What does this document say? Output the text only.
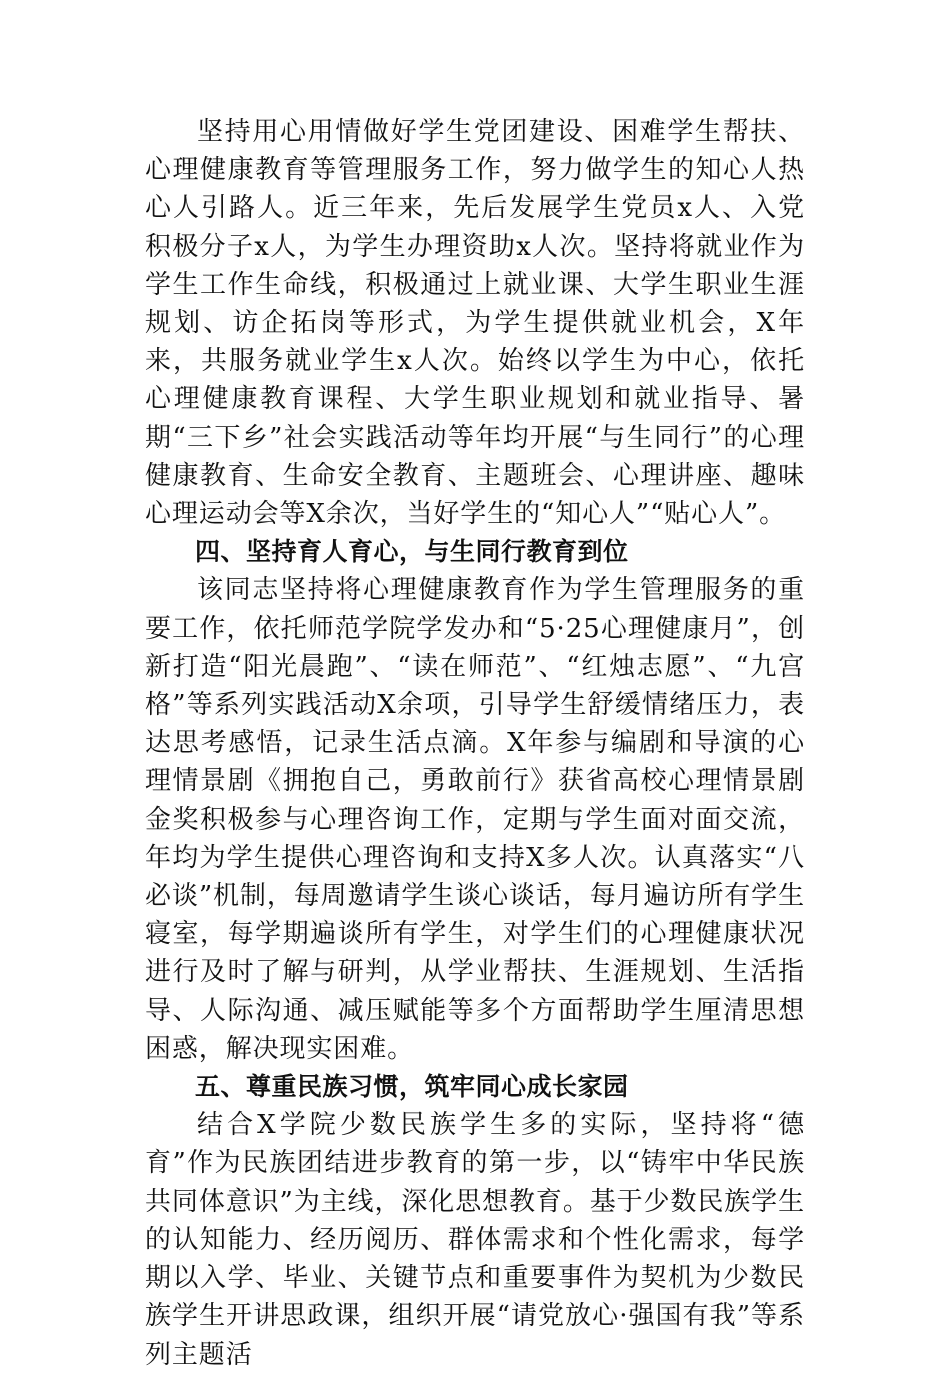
坚持用心用情做好学生党团建设、困难学生帮扶、心理健康教育等管理服务工作，努力做学生的知心人热心人引路人。近三年来，先后发展学生党员x人、入党积极分子x人，为学生办理资助x人次。坚持将就业作为学生工作生命线，积极通过上就业课、大学生职业生涯规划、访企拓岗等形式，为学生提供就业机会，X年来，共服务就业学生x人次。始终以学生为中心，依托心理健康教育课程、大学生职业规划和就业指导、暑期“三下乡”社会实践活动等年均开展“与生同行”的心理健康教育、生命安全教育、主题班会、心理讲座、趣味心理运动会等X余次，当好学生的“知心人”“贴心人”。

四、坚持育人育心，与生同行教育到位

该同志坚持将心理健康教育作为学生管理服务的重要工作，依托师范学院学发办和“5·25心理健康月”，创新打造“阳光晨跑”、“读在师范”、“红烛志愿”、“九宫格”等系列实践活动X余项，引导学生舒缓情绪压力，表达思考感悟，记录生活点滴。X年参与编剧和导演的心理情景剧《拥抱自己，勇敢前行》获省高校心理情景剧金奖积极参与心理咨询工作，定期与学生面对面交流，年均为学生提供心理咨询和支持X多人次。认真落实“八必谈”机制，每周邀请学生谈心谈话，每月遍访所有学生寝室，每学期遍谈所有学生，对学生们的心理健康状况进行及时了解与研判，从学业帮扶、生涯规划、生活指导、人际沟通、减压赋能等多个方面帮助学生厘清思想困惑，解决现实困难。

五、尊重民族习惯，筑牢同心成长家园

结合X学院少数民族学生多的实际，坚持将“德育”作为民族团结进步教育的第一步，以“铸牢中华民族共同体意识”为主线，深化思想教育。基于少数民族学生的认知能力、经历阅历、群体需求和个性化需求，每学期以入学、毕业、关键节点和重要事件为契机为少数民族学生开讲思政课，组织开展“请党放心·强国有我”等系列主题活
